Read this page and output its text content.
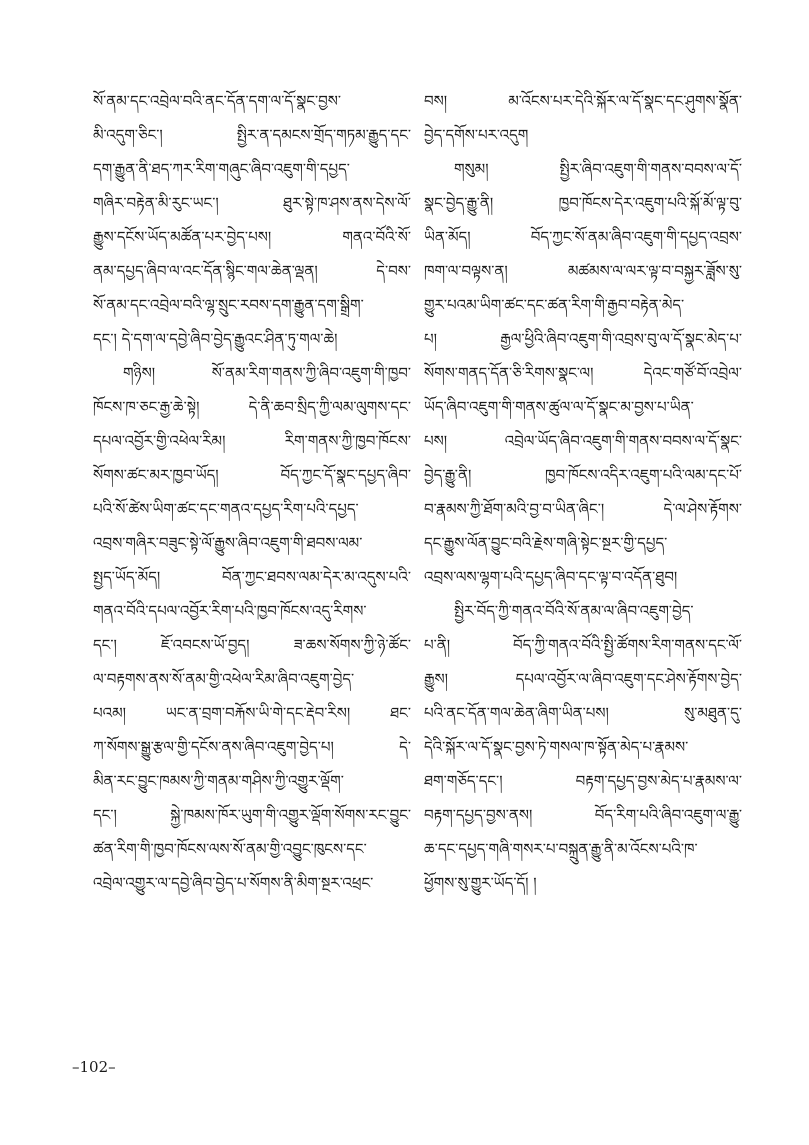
སོ་ནམ་དང་འབྲེལ་བའི་ནང་དོན་དག་ལ་དོ་སྣང་བྱས་
མི་འདུག་ཅིང་། སྤྱིར་ན་དམངས་གྲོད་གཏམ་རྒྱུད་དང་
དག་རྒྱུན་ནི་ཐད་ཀར་རིག་གཞུང་ཞིབ་འཇུག་གི་དཔྱད་
གཞིར་བརྟེན་མི་རུང་ཡང་། ཐུར་སྟེ་ཁ་ཤས་ནས་དེས་ལོ་
རྒྱུས་དངོས་ཡོད་མཚོན་པར་བྱེད་པས། གནའ་བོའི་སོ་
ནམ་དཔྱད་ཞིབ་ལ་འང་དོན་སྙིང་གལ་ཆེན་ལྡན། དེ་བས་
སོ་ནམ་དང་འབྲེལ་བའི་ལྷ་སྲུང་རབས་དག་རྒྱུན་དག་སྒྲིག་
དང་། དེ་དག་ལ་དབྱེ་ཞིབ་བྱེད་རྒྱུའང་ཤིན་ཏུ་གལ་ཆེ།
གཉིས། སོ་ནམ་རིག་གནས་ཀྱི་ཞིབ་འཇུག་གི་ཁྱབ་
ཁོངས་ཁ་ཅང་རྒྱ་ཆེ་སྟེ། དེ་ནི་ཆབ་སྲིད་ཀྱི་ལམ་ལུགས་དང་
དཔལ་འབྱོར་གྱི་འཕེལ་རིམ། རིག་གནས་ཀྱི་ཁྱབ་ཁོངས་
སོགས་ཚང་མར་ཁྱབ་ཡོད། བོད་ཀྱང་དོ་སྣང་དཔྱད་ཞིབ་
པའི་སོ་ཚེས་ཡིག་ཚང་དང་གནའ་དཔྱད་རིག་པའི་དཔྱད་
འབྲས་གཞིར་བཟུང་སྟེ་ལོ་རྒྱུས་ཞིབ་འཇུག་གི་ཐབས་ལམ་
སྤྱད་ཡོད་མོད། བོན་ཀྱང་ཐབས་ལམ་དེར་མ་འདུས་པའི་
གནའ་བོའི་དཔལ་འབྱོར་རིག་པའི་ཁྱབ་ཁོངས་འདུ་རིགས་
དང་། ཇོ་འབངས་ཡོ་བྱད། ཟ་ཆས་སོགས་ཀྱི་ཉེ་ཚོང་
ལ་བརྟགས་ནས་སོ་ནམ་གྱི་འཕེལ་རིམ་ཞིབ་འཇུག་བྱེད་
པའམ། ཡང་ན་བྲག་བརྐོས་ཡི་གེ་དང་རྡེབ་རིས། ཐང་
ཀ་སོགས་སྒྱུ་རྩལ་གྱི་དངོས་ནས་ཞིབ་འཇུག་བྱེད་པ། དེ་
མིན་རང་བྱུང་ཁམས་ཀྱི་གནམ་གཤིས་ཀྱི་འགྱུར་ལྡོག་
དང་། སྐྱེ་ཁམས་ཁོར་ཡུག་གི་འགྱུར་ལྡོག་སོགས་རང་བྱུང་
ཚན་རིག་གི་ཁྱབ་ཁོངས་ལས་སོ་ནམ་གྱི་འབྱུང་ཁུངས་དང་
འབྲེལ་འགྱུར་ལ་དབྱེ་ཞིབ་བྱེད་པ་སོགས་ནི་མིག་སྔར་འཕྲང་
བས། མ་འོངས་པར་དེའི་སྐོར་ལ་དོ་སྣང་དང་ཤུགས་སྣོན་
བྱེད་དགོས་པར་འདུག
གསུམ། སྤྱིར་ཞིབ་འཇུག་གི་གནས་བབས་ལ་དོ་
སྣང་བྱེད་རྒྱུ་ནི། ཁྱབ་ཁོངས་དེར་འཇུག་པའི་སྐོ་མོ་ལྟ་བུ་
ཡིན་མོད། བོད་ཀྱང་སོ་ནམ་ཞིབ་འཇུག་གི་དཔྱད་འབྲས་
ཁག་ལ་བལྟས་ན། མཚམས་ལ་ལར་ལྟ་བ་བསྐྱར་ཟློས་སུ་
གྱུར་པའམ་ཡིག་ཚང་དང་ཚན་རིག་གི་རྒྱབ་བརྟེན་མེད་
པ། རྒྱལ་ཕྱིའི་ཞིབ་འཇུག་གི་འབྲས་བུ་ལ་དོ་སྣང་མེད་པ་
སོགས་གནད་དོན་ཅི་རིགས་སྣང་ལ། དེའང་གཙོ་བོ་འབྲེལ་
ཡོད་ཞིབ་འཇུག་གི་གནས་ཚུལ་ལ་དོ་སྣང་མ་བྱས་པ་ཡིན་
པས། འབྲེལ་ཡོད་ཞིབ་འཇུག་གི་གནས་བབས་ལ་དོ་སྣང་
བྱེད་རྒྱུ་ནི། ཁྱབ་ཁོངས་འདིར་འཇུག་པའི་ལམ་དང་པོ་
བ་རྣམས་ཀྱི་ཐོག་མའི་བྱ་བ་ཡིན་ཞིང་། དེ་ལ་ཤེས་རྟོགས་
དང་རྒྱུས་ལོན་བྱུང་བའི་རྗེས་གཞི་སྟེང་སྔར་གྱི་དཔྱད་
འབྲས་ལས་ལྷག་པའི་དཔྱད་ཞིབ་དང་ལྟ་བ་འདོན་ཐུབ།
སྤྱིར་བོད་ཀྱི་གནའ་བོའི་སོ་ནམ་ལ་ཞིབ་འཇུག་བྱེད་
པ་ནི། བོད་ཀྱི་གནའ་བོའི་སྤྱི་ཚོགས་རིག་གནས་དང་ལོ་
རྒྱུས། དཔལ་འབྱོར་ལ་ཞིབ་འཇུག་དང་ཤེས་རྟོགས་བྱེད་
པའི་ནང་དོན་གལ་ཆེན་ཞིག་ཡིན་པས། སུ་མཐུན་དུ་
དེའི་སྐོར་ལ་དོ་སྣང་བྱས་ཏེ་གསལ་ཁ་སྟོན་མེད་པ་རྣམས་
ཐག་གཅོད་དང་། བརྟག་དཔྱད་བྱས་མེད་པ་རྣམས་ལ་
བརྟག་དཔྱད་བྱས་ནས། བོད་རིག་པའི་ཞིབ་འཇུག་ལ་རྒྱུ་
ཆ་དང་དཔྱད་གཞི་གསར་པ་བསྐྲུན་རྒྱུ་ནི་མ་འོངས་པའི་ཁ་
ཕྱོགས་སུ་གྱུར་ཡོད་དོ། །
–102–
